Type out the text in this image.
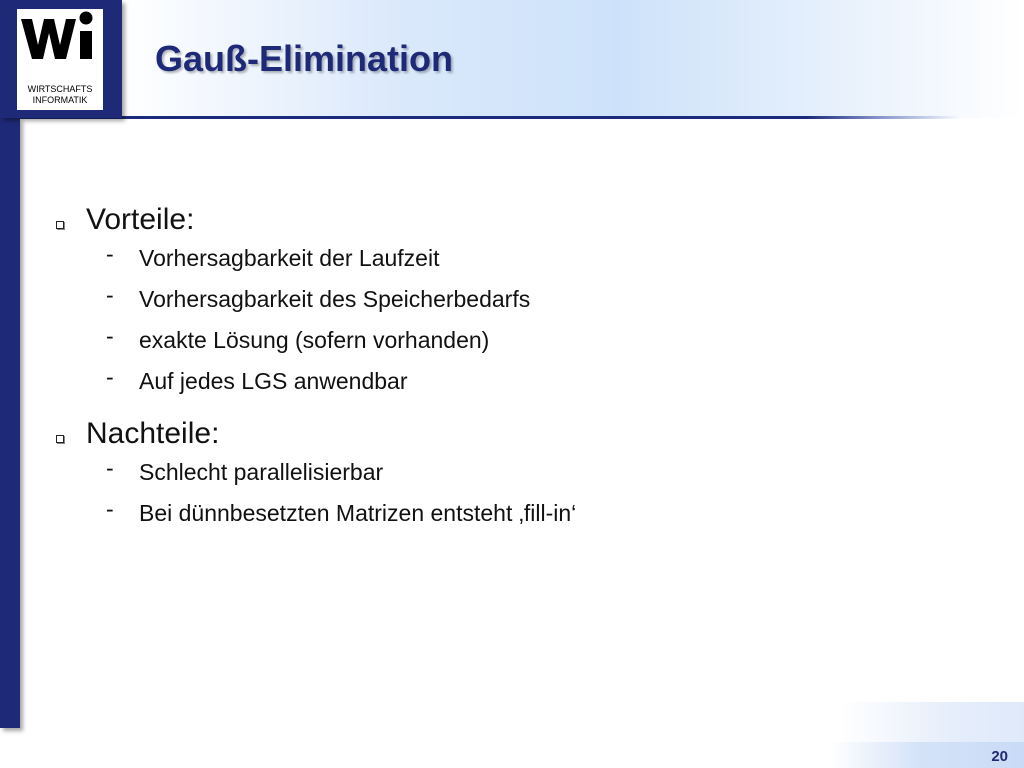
WIRTSCHAFTS
INFORMATIK
Gauß-Elimination
Vorteile:
- Vorhersagbarkeit der Laufzeit
- Vorhersagbarkeit des Speicherbedarfs
- exakte Lösung (sofern vorhanden)
- Auf jedes LGS anwendbar
Nachteile:
- Schlecht parallelisierbar
- Bei dünnbesetzten Matrizen entsteht ‚fill-in‘
20
